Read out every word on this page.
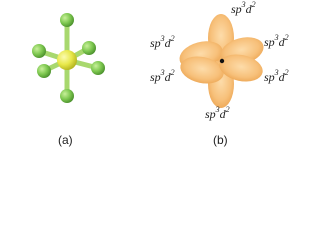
$sp^3d^2$
$sp^3d^2$	$sp^3d^2$
$sp^3d^2$	$sp^3d^2$
$sp^3d^2$
(a)	(b)
